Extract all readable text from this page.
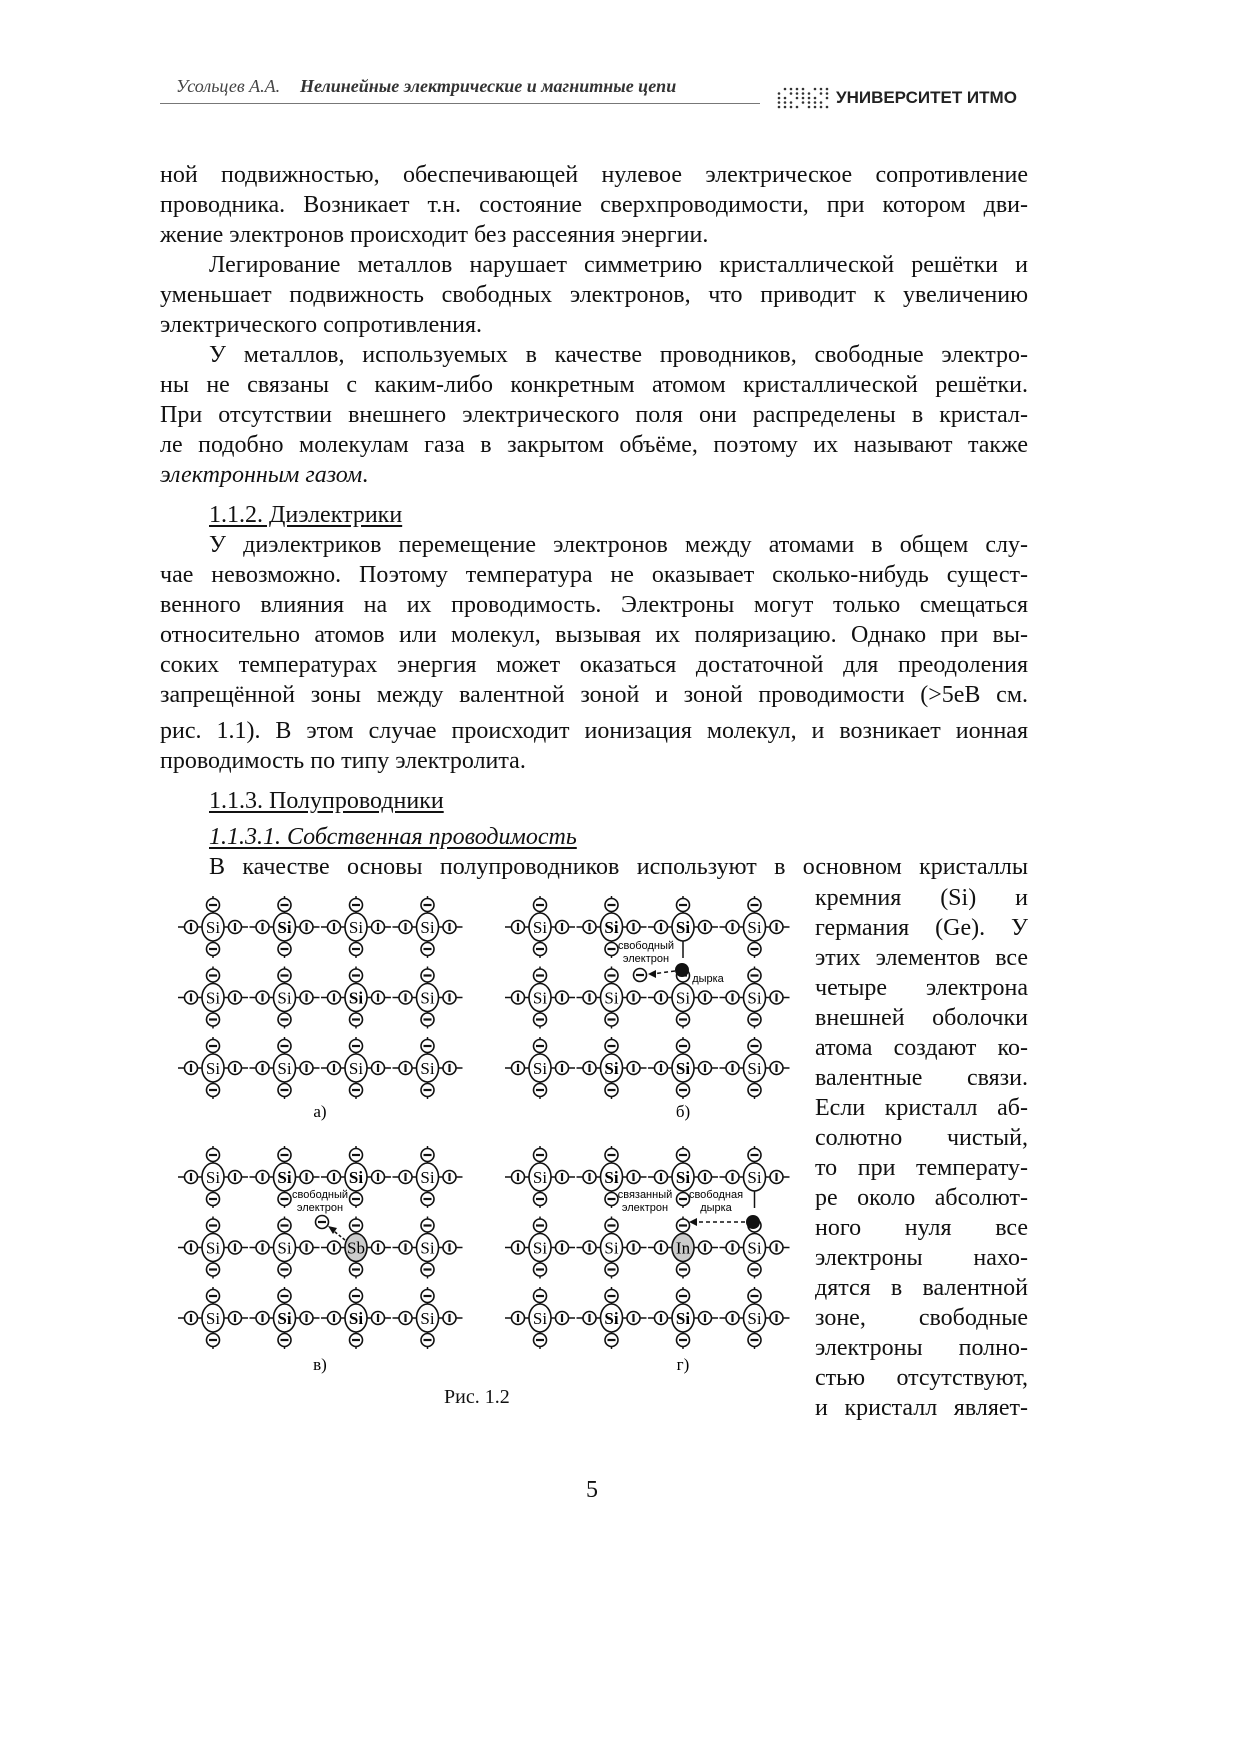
Усольцев А.А. Нелинейные электрические и магнитные цепи
УНИВЕРСИТЕТ ИТМО
ной подвижностью, обеспечивающей нулевое электрическое сопротивление
проводника. Возникает т.н. состояние сверхпроводимости, при котором дви-
жение электронов происходит без рассеяния энергии.
Легирование металлов нарушает симметрию кристаллической решётки и
уменьшает подвижность свободных электронов, что приводит к увеличению
электрического сопротивления.
У металлов, используемых в качестве проводников, свободные электро-
ны не связаны с каким-либо конкретным атомом кристаллической решётки.
При отсутствии внешнего электрического поля они распределены в кристал-
ле подобно молекулам газа в закрытом объёме, поэтому их называют также
электронным газом.
У диэлектриков перемещение электронов между атомами в общем слу-
чае невозможно. Поэтому температура не оказывает сколько-нибудь сущест-
венного влияния на их проводимость. Электроны могут только смещаться
относительно атомов или молекул, вызывая их поляризацию. Однако при вы-
соких температурах энергия может оказаться достаточной для преодоления
запрещённой зоны между валентной зоной и зоной проводимости (>5eB см.
рис. 1.1). В этом случае происходит ионизация молекул, и возникает ионная
проводимость по типу электролита.
В качестве основы полупроводников используют в основном кристаллы
кремния (Si) и
германия (Ge). У
этих элементов все
четыре электрона
внешней оболочки
атома создают ко-
валентные связи.
Если кристалл аб-
солютно чистый,
то при температу-
ре около абсолют-
ного нуля все
электроны нахо-
дятся в валентной
зоне, свободные
электроны полно-
стью отсутствуют,
и кристалл являет-
1.1.2. Диэлектрики
1.1.3. Полупроводники
1.1.3.1. Собственная проводимость
Si	Si	Si	Si
Si	Si	Si	Si
Si	Si	Si	Si
а)
Si	Si	Si	Si
Si	Si	Si	Si
Si	Si	Si	Si
б)
свободный
электрон
дырка
Si	Si	Si	Si
Si	Si	Sb	Si
Si	Si	Si	Si
в)
свободный
электрон
Si	Si	Si	Si
Si	Si	In	Si
Si	Si	Si	Si
г)
связанный
электрон
свободная
дырка
Рис. 1.2
5
